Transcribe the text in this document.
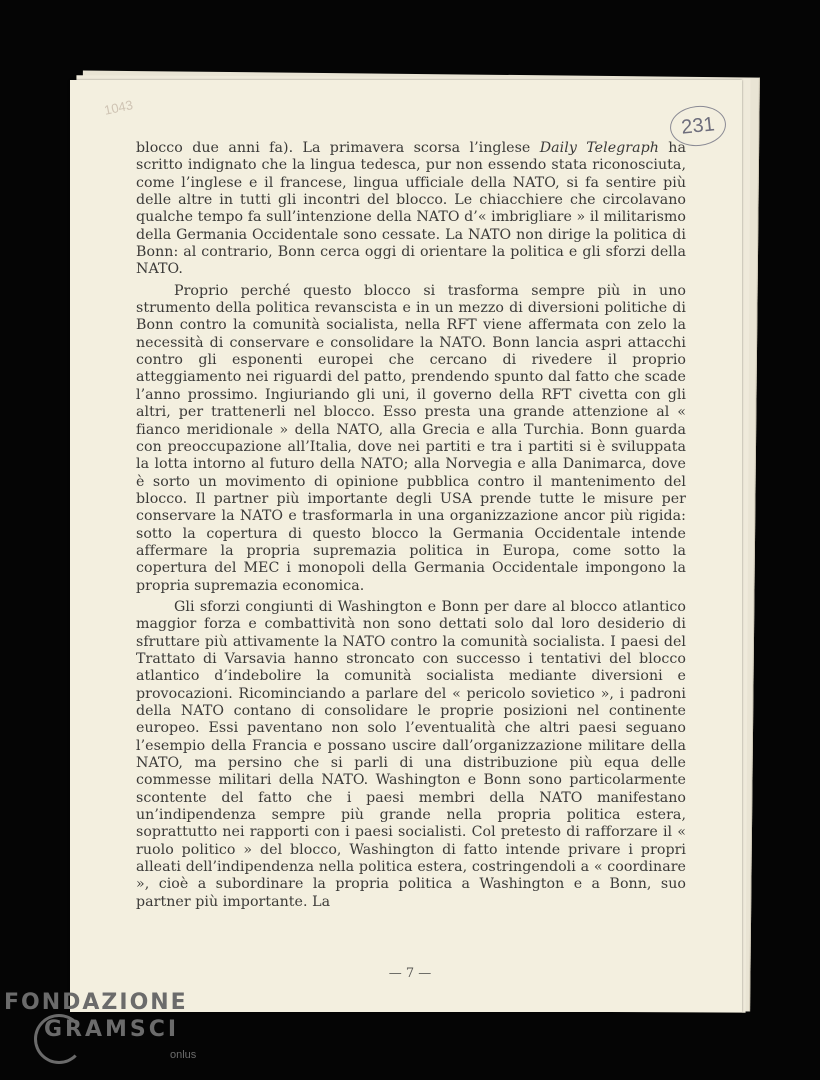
1043
231

blocco due anni fa). La primavera scorsa l’inglese Daily Telegraph ha scritto indignato che la lingua tedesca, pur non essendo stata riconosciuta, come l’inglese e il francese, lingua ufficiale della NATO, si fa sentire più delle altre in tutti gli incontri del blocco. Le chiacchiere che circolavano qualche tempo fa sull’intenzione della NATO d’« imbrigliare » il militarismo della Germania Occidentale sono cessate. La NATO non dirige la politica di Bonn: al contrario, Bonn cerca oggi di orientare la politica e gli sforzi della NATO.

Proprio perché questo blocco si trasforma sempre più in uno strumento della politica revanscista e in un mezzo di diversioni politiche di Bonn contro la comunità socialista, nella RFT viene affermata con zelo la necessità di conservare e consolidare la NATO. Bonn lancia aspri attacchi contro gli esponenti europei che cercano di rivedere il proprio atteggiamento nei riguardi del patto, prendendo spunto dal fatto che scade l’anno prossimo. Ingiuriando gli uni, il governo della RFT civetta con gli altri, per trattenerli nel blocco. Esso presta una grande attenzione al « fianco meridionale » della NATO, alla Grecia e alla Turchia. Bonn guarda con preoccupazione all’Italia, dove nei partiti e tra i partiti si è sviluppata la lotta intorno al futuro della NATO; alla Norvegia e alla Danimarca, dove è sorto un movimento di opinione pubblica contro il mantenimento del blocco. Il partner più importante degli USA prende tutte le misure per conservare la NATO e trasformarla in una organizzazione ancor più rigida: sotto la copertura di questo blocco la Germania Occidentale intende affermare la propria supremazia politica in Europa, come sotto la copertura del MEC i monopoli della Germania Occidentale impongono la propria supremazia economica.

Gli sforzi congiunti di Washington e Bonn per dare al blocco atlantico maggior forza e combattività non sono dettati solo dal loro desiderio di sfruttare più attivamente la NATO contro la comunità socialista. I paesi del Trattato di Varsavia hanno stroncato con successo i tentativi del blocco atlantico d’indebolire la comunità socialista mediante diversioni e provocazioni. Ricominciando a parlare del « pericolo sovietico », i padroni della NATO contano di consolidare le proprie posizioni nel continente europeo. Essi paventano non solo l’eventualità che altri paesi seguano l’esempio della Francia e possano uscire dall’organizzazione militare della NATO, ma persino che si parli di una distribuzione più equa delle commesse militari della NATO. Washington e Bonn sono particolarmente scontente del fatto che i paesi membri della NATO manifestano un’indipendenza sempre più grande nella propria politica estera, soprattutto nei rapporti con i paesi socialisti. Col pretesto di rafforzare il « ruolo politico » del blocco, Washington di fatto intende privare i propri alleati dell’indipendenza nella politica estera, costringendoli a « coordinare », cioè a subordinare la propria politica a Washington e a Bonn, suo partner più importante. La

— 7 —
FONDAZIONE
GRAMSCI
onlus
